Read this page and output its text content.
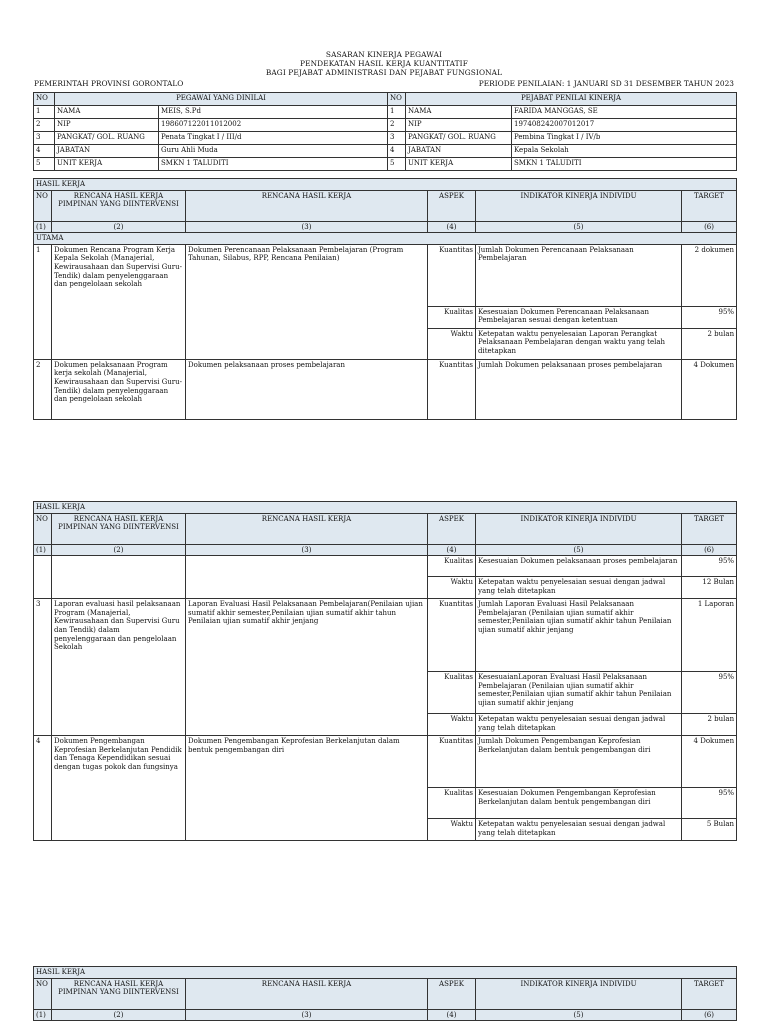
SASARAN KINERJA PEGAWAI
PENDEKATAN HASIL KERJA KUANTITATIF
BAGI PEJABAT ADMINISTRASI DAN PEJABAT FUNGSIONAL
PEMERINTAH PROVINSI GORONTALO	PERIODE PENILAIAN: 1 JANUARI SD 31 DESEMBER TAHUN 2023
NO	PEGAWAI YANG DINILAI		NO	PEJABAT PENILAI KINERJA	
1	NAMA	MEIS, S.Pd	1	NAMA	FARIDA MANGGAS, SE
2	NIP	198607122011012002	2	NIP	197408242007012017
3	PANGKAT/ GOL. RUANG	Penata Tingkat I / III/d	3	PANGKAT/ GOL. RUANG	Pembina Tingkat I / IV/b
4	JABATAN	Guru Ahli Muda	4	JABATAN	Kepala Sekolah
5	UNIT KERJA	SMKN 1 TALUDITI	5	UNIT KERJA	SMKN 1 TALUDITI
HASIL KERJA					
NO	RENCANA HASIL KERJA PIMPINAN YANG DIINTERVENSI	RENCANA HASIL KERJA	ASPEK	INDIKATOR KINERJA INDIVIDU	TARGET
(1)	(2)	(3)	(4)	(5)	(6)
UTAMA					
1	Dokumen Rencana Program Kerja Kepala Sekolah (Manajerial, Kewirausahaan dan Supervisi Guru-Tendik) dalam penyelenggaraan dan pengelolaan sekolah	Dokumen Perencanaan Pelaksanaan Pembelajaran (Program Tahunan, Silabus, RPP, Rencana Penilaian)	Kuantitas	Jumlah Dokumen Perencanaan Pelaksanaan Pembelajaran	2 dokumen
			Kualitas	Kesesuaian Dokumen Perencanaan Pelaksanaan Pembelajaran sesuai dengan ketentuan	95%
			Waktu	Ketepatan waktu penyelesaian Laporan Perangkat Pelaksanaan Pembelajaran dengan waktu yang telah ditetapkan	2 bulan
2	Dokumen pelaksanaan Program kerja sekolah (Manajerial, Kewirausahaan dan Supervisi Guru-Tendik) dalam penyelenggaraan dan pengelolaan sekolah	Dokumen pelaksanaan proses pembelajaran	Kuantitas	Jumlah Dokumen pelaksanaan proses pembelajaran	4 Dokumen
HASIL KERJA					
NO	RENCANA HASIL KERJA PIMPINAN YANG DIINTERVENSI	RENCANA HASIL KERJA	ASPEK	INDIKATOR KINERJA INDIVIDU	TARGET
(1)	(2)	(3)	(4)	(5)	(6)
			Kualitas	Kesesuaian Dokumen pelaksanaan proses pembelajaran	95%
			Waktu	Ketepatan waktu penyelesaian sesuai dengan jadwal yang telah ditetapkan	12 Bulan
3	Laporan evaluasi hasil pelaksanaan Program (Manajerial, Kewirausahaan dan Supervisi Guru dan Tendik) dalam penyelenggaraan dan pengelolaan Sekolah	Laporan Evaluasi Hasil Pelaksanaan Pembelajaran(Penilaian ujian sumatif akhir semester,Penilaian ujian sumatif akhir tahun Penilaian ujian sumatif akhir jenjang	Kuantitas	Jumlah Laporan Evaluasi Hasil Pelaksanaan Pembelajaran (Penilaian ujian sumatif akhir semester,Penilaian ujian sumatif akhir tahun Penilaian ujian sumatif akhir jenjang	1 Laporan
			Kualitas	KesesuaianLaporan Evaluasi Hasil Pelaksanaan Pembelajaran (Penilaian ujian sumatif akhir semester,Penilaian ujian sumatif akhir tahun Penilaian ujian sumatif akhir jenjang	95%
			Waktu	Ketepatan waktu penyelesaian sesuai dengan jadwal yang telah ditetapkan	2 bulan
4	Dokumen Pengembangan Keprofesian Berkelanjutan Pendidik dan Tenaga Kependidikan sesuai dengan tugas pokok dan fungsinya	Dokumen Pengembangan Keprofesian Berkelanjutan dalam bentuk pengembangan diri	Kuantitas	Jumlah Dokumen Pengembangan Keprofesian Berkelanjutan dalam bentuk pengembangan diri	4 Dokumen
			Kualitas	Kesesuaian Dokumen Pengembangan Keprofesian Berkelanjutan dalam bentuk pengembangan diri	95%
			Waktu	Ketepatan waktu penyelesaian sesuai dengan jadwal yang telah ditetapkan	5 Bulan
HASIL KERJA					
NO	RENCANA HASIL KERJA PIMPINAN YANG DIINTERVENSI	RENCANA HASIL KERJA	ASPEK	INDIKATOR KINERJA INDIVIDU	TARGET
(1)	(2)	(3)	(4)	(5)	(6)
